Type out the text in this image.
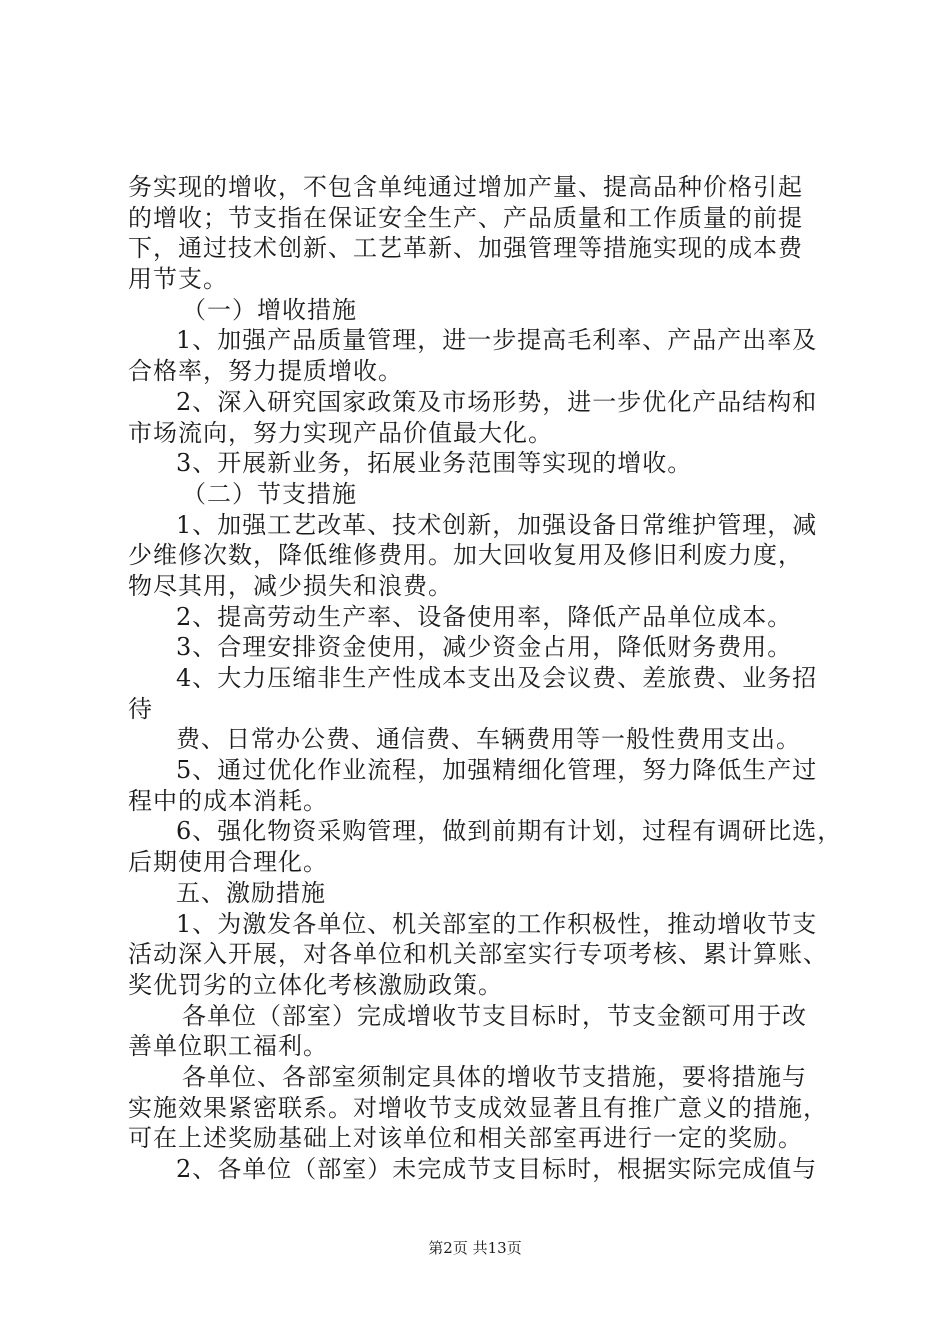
务实现的增收，不包含单纯通过增加产量、提高品种价格引起
的增收；节支指在保证安全生产、产品质量和工作质量的前提
下，通过技术创新、工艺革新、加强管理等措施实现的成本费
用节支。
（一）增收措施
1、加强产品质量管理，进一步提高毛利率、产品产出率及
合格率，努力提质增收。
2、深入研究国家政策及市场形势，进一步优化产品结构和
市场流向，努力实现产品价值最大化。
3、开展新业务，拓展业务范围等实现的增收。
（二）节支措施
1、加强工艺改革、技术创新，加强设备日常维护管理，减
少维修次数，降低维修费用。加大回收复用及修旧利废力度，
物尽其用，减少损失和浪费。
2、提高劳动生产率、设备使用率，降低产品单位成本。
3、合理安排资金使用，减少资金占用，降低财务费用。
4、大力压缩非生产性成本支出及会议费、差旅费、业务招
待
费、日常办公费、通信费、车辆费用等一般性费用支出。
5、通过优化作业流程，加强精细化管理，努力降低生产过
程中的成本消耗。
6、强化物资采购管理，做到前期有计划，过程有调研比选，
后期使用合理化。
五、激励措施
1、为激发各单位、机关部室的工作积极性，推动增收节支
活动深入开展，对各单位和机关部室实行专项考核、累计算账、
奖优罚劣的立体化考核激励政策。
各单位（部室）完成增收节支目标时，节支金额可用于改
善单位职工福利。
各单位、各部室须制定具体的增收节支措施，要将措施与
实施效果紧密联系。对增收节支成效显著且有推广意义的措施，
可在上述奖励基础上对该单位和相关部室再进行一定的奖励。
2、各单位（部室）未完成节支目标时，根据实际完成值与
第2页 共13页
